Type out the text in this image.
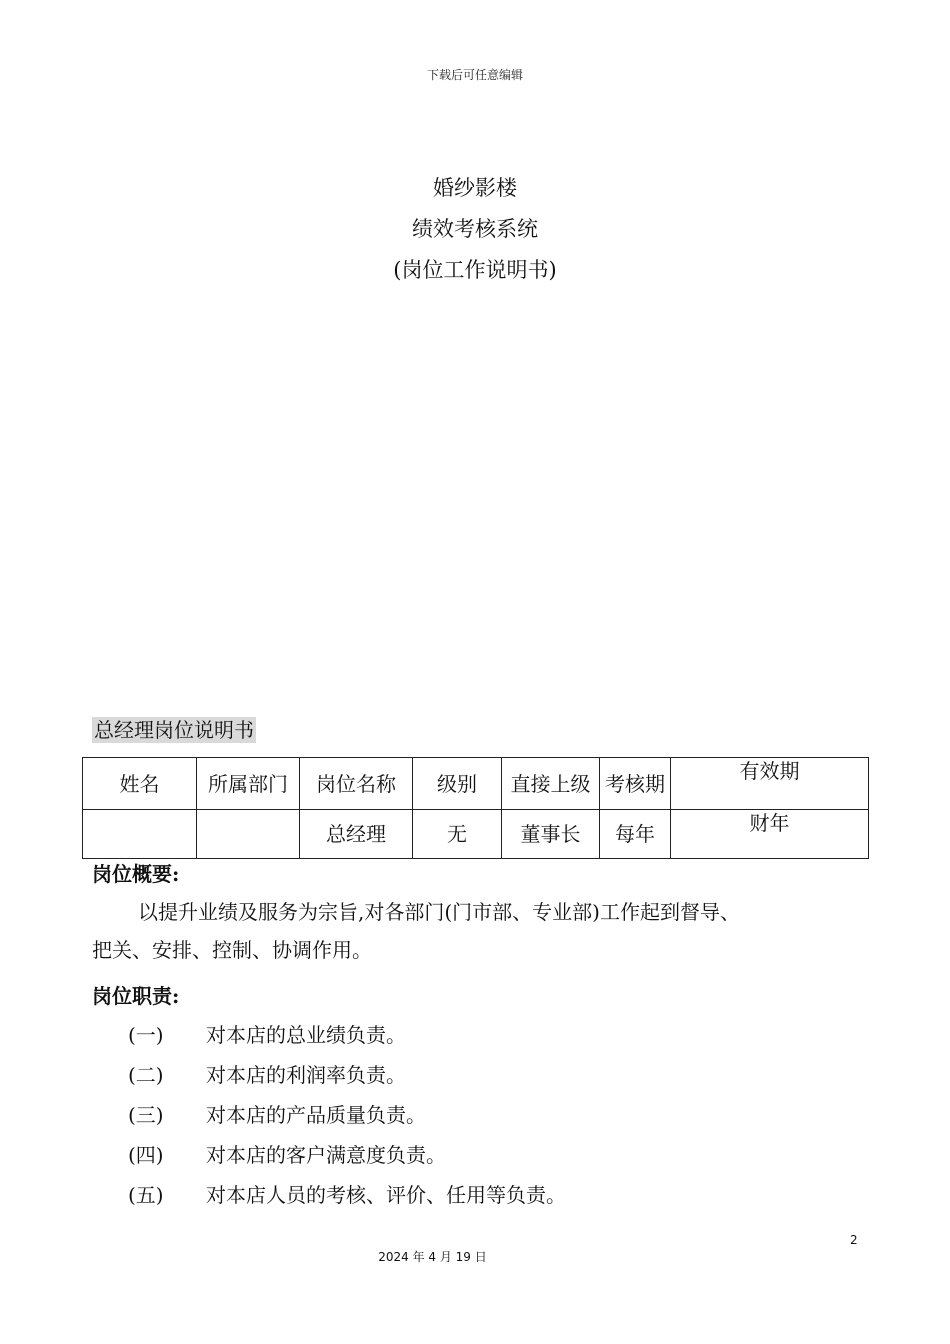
下载后可任意编辑
婚纱影楼
绩效考核系统
(岗位工作说明书)
总经理岗位说明书
姓名	所属部门	岗位名称	级别	直接上级	考核期	有效期
		总经理	无	董事长	每年	财年
岗位概要:
以提升业绩及服务为宗旨,对各部门(门市部、专业部)工作起到督导、
把关、安排、控制、协调作用。
岗位职责:
(一) 对本店的总业绩负责。
(二) 对本店的利润率负责。
(三) 对本店的产品质量负责。
(四) 对本店的客户满意度负责。
(五) 对本店人员的考核、评价、任用等负责。
2
2024 年 4 月 19 日
